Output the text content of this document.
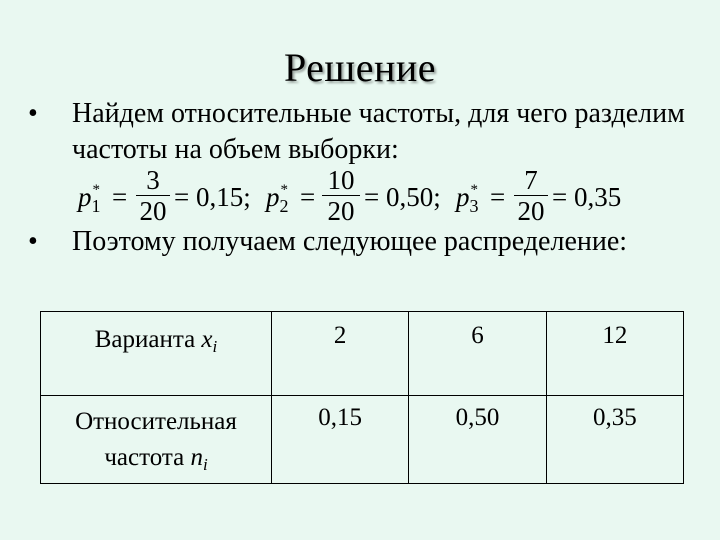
Решение
•	Найдем относительные частоты, для чего разделим частоты на объем выборки:
$p_1^*$ =
3
20 = 0,15; $p_2^*$ =
10
20 = 0,50; $p_3^*$ =
7
20 = 0,35
•	Поэтому получаем следующее распределение:
Варианта $x_i$	2	6	12
Относительная
частота $n_i$	0,15	0,50	0,35
